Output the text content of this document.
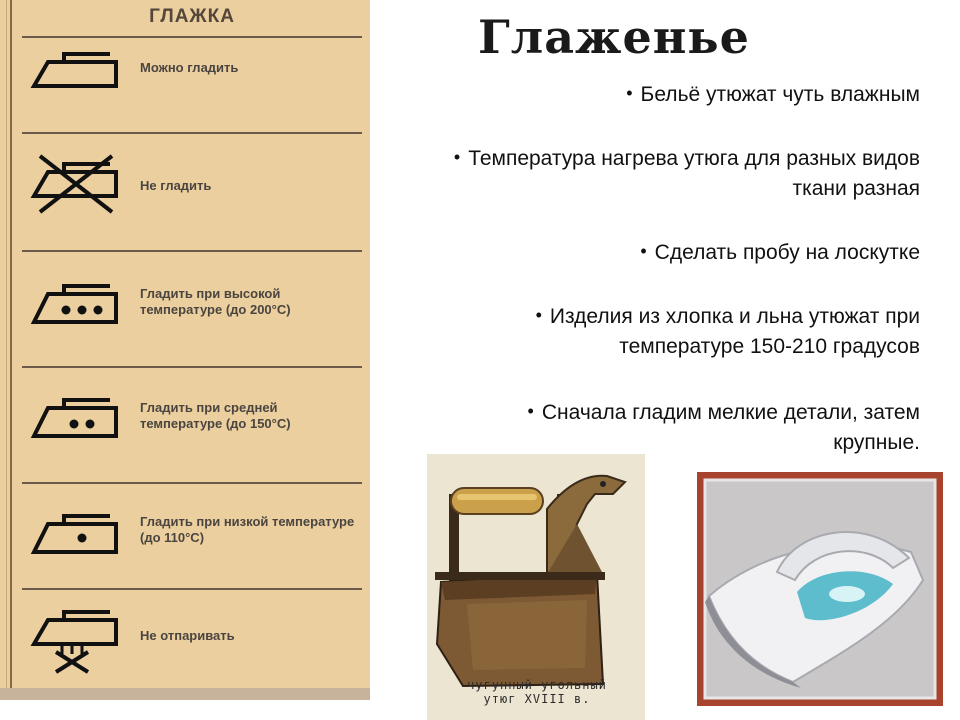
ГЛАЖКА
Можно гладить
Не гладить
Гладить при высокой температуре (до 200°С)
Гладить при средней температуре (до 150°С)
Гладить при низкой температуре (до 110°С)
Не отпаривать
Глаженье
• Бельё утюжат чуть влажным
• Температура нагрева утюга для разных видов
ткани разная
• Сделать пробу на лоскутке
• Изделия из хлопка и льна утюжат при
температуре 150-210 градусов
• Сначала гладим мелкие детали, затем
крупные.
чугунный угольный
утюг XVIII в.
